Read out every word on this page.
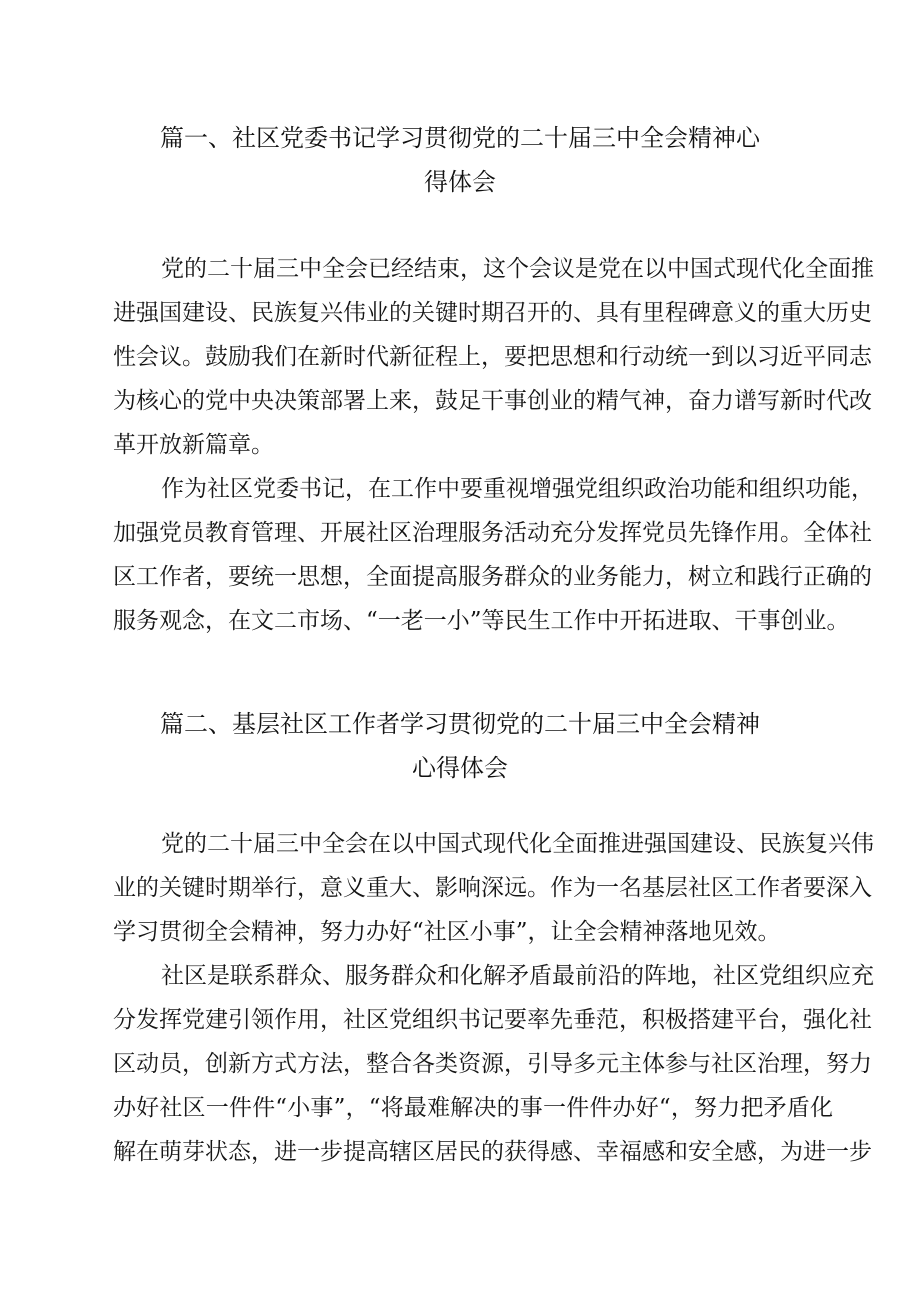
篇一、社区党委书记学习贯彻党的二十届三中全会精神心
得体会
党的二十届三中全会已经结束，这个会议是党在以中国式现代化全面推
进强国建设、民族复兴伟业的关键时期召开的、具有里程碑意义的重大历史
性会议。鼓励我们在新时代新征程上，要把思想和行动统一到以习近平同志
为核心的党中央决策部署上来，鼓足干事创业的精气神，奋力谱写新时代改
革开放新篇章。
作为社区党委书记，在工作中要重视增强党组织政治功能和组织功能，
加强党员教育管理、开展社区治理服务活动充分发挥党员先锋作用。全体社
区工作者，要统一思想，全面提高服务群众的业务能力，树立和践行正确的
服务观念，在文二市场、“一老一小”等民生工作中开拓进取、干事创业。
篇二、基层社区工作者学习贯彻党的二十届三中全会精神
心得体会
党的二十届三中全会在以中国式现代化全面推进强国建设、民族复兴伟
业的关键时期举行，意义重大、影响深远。作为一名基层社区工作者要深入
学习贯彻全会精神，努力办好“社区小事”，让全会精神落地见效。
社区是联系群众、服务群众和化解矛盾最前沿的阵地，社区党组织应充
分发挥党建引领作用，社区党组织书记要率先垂范，积极搭建平台，强化社
区动员，创新方式方法，整合各类资源，引导多元主体参与社区治理，努力
办好社区一件件“小事”，“将最难解决的事一件件办好“，努力把矛盾化
解在萌芽状态，进一步提高辖区居民的获得感、幸福感和安全感，为进一步
